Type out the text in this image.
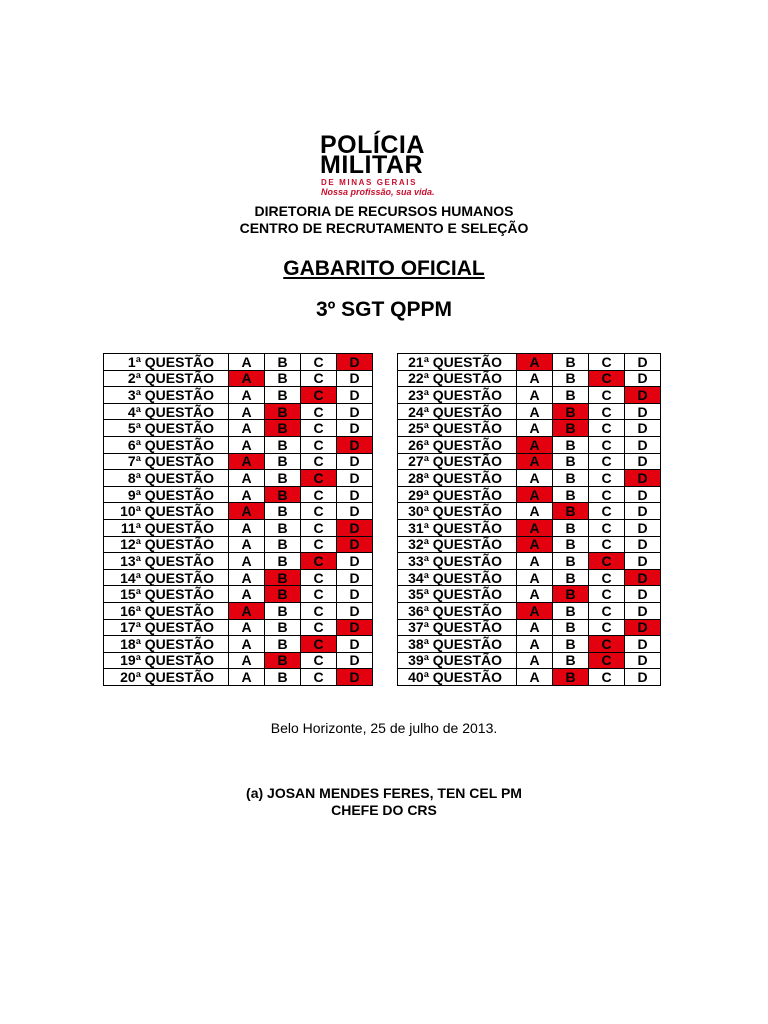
POLÍCIA
MILITAR
DE MINAS GERAIS
Nossa profissão, sua vida.
DIRETORIA DE RECURSOS HUMANOS
CENTRO DE RECRUTAMENTO E SELEÇÃO
GABARITO OFICIAL
3º SGT QPPM
1ª QUESTÃO	A	B	C	D
2ª QUESTÃO	A	B	C	D
3ª QUESTÃO	A	B	C	D
4ª QUESTÃO	A	B	C	D
5ª QUESTÃO	A	B	C	D
6ª QUESTÃO	A	B	C	D
7ª QUESTÃO	A	B	C	D
8ª QUESTÃO	A	B	C	D
9ª QUESTÃO	A	B	C	D
10ª QUESTÃO	A	B	C	D
11ª QUESTÃO	A	B	C	D
12ª QUESTÃO	A	B	C	D
13ª QUESTÃO	A	B	C	D
14ª QUESTÃO	A	B	C	D
15ª QUESTÃO	A	B	C	D
16ª QUESTÃO	A	B	C	D
17ª QUESTÃO	A	B	C	D
18ª QUESTÃO	A	B	C	D
19ª QUESTÃO	A	B	C	D
20ª QUESTÃO	A	B	C	D
21ª QUESTÃO	A	B	C	D
22ª QUESTÃO	A	B	C	D
23ª QUESTÃO	A	B	C	D
24ª QUESTÃO	A	B	C	D
25ª QUESTÃO	A	B	C	D
26ª QUESTÃO	A	B	C	D
27ª QUESTÃO	A	B	C	D
28ª QUESTÃO	A	B	C	D
29ª QUESTÃO	A	B	C	D
30ª QUESTÃO	A	B	C	D
31ª QUESTÃO	A	B	C	D
32ª QUESTÃO	A	B	C	D
33ª QUESTÃO	A	B	C	D
34ª QUESTÃO	A	B	C	D
35ª QUESTÃO	A	B	C	D
36ª QUESTÃO	A	B	C	D
37ª QUESTÃO	A	B	C	D
38ª QUESTÃO	A	B	C	D
39ª QUESTÃO	A	B	C	D
40ª QUESTÃO	A	B	C	D
Belo Horizonte, 25 de julho de 2013.
(a) JOSAN MENDES FERES, TEN CEL PM
CHEFE DO CRS
